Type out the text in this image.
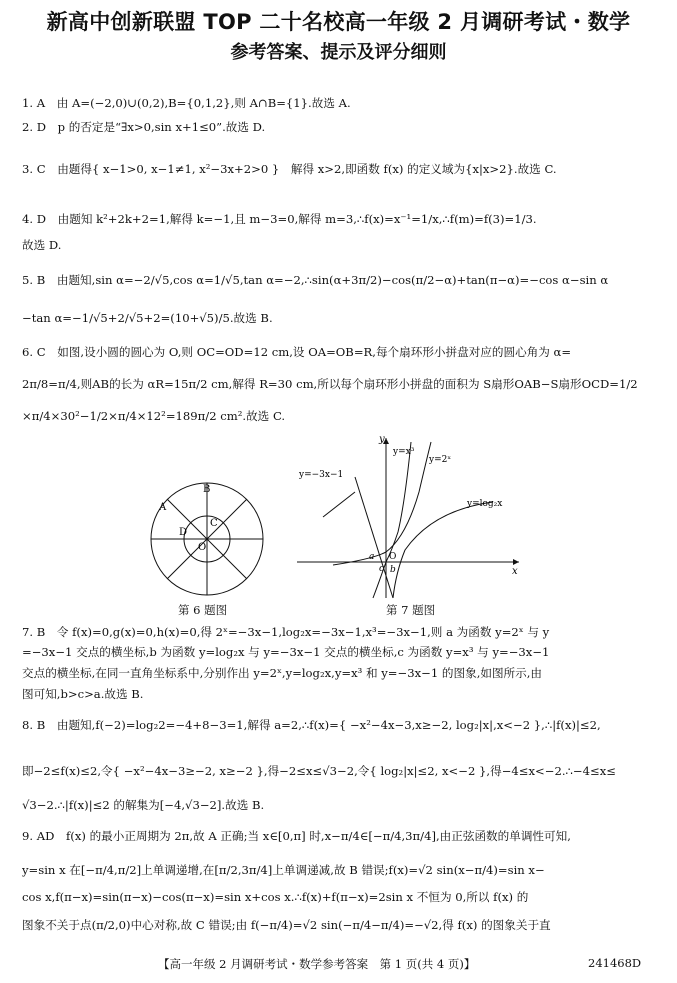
新高中创新联盟 TOP 二十名校高一年级 2 月调研考试・数学
参考答案、提示及评分细则
1. A　由 A=(−2,0)∪(0,2),B={0,1,2},则 A∩B={1}.故选 A.
2. D　p 的否定是“∃x>0,sin x+1≤0”.故选 D.
3. C　由题得{ x−1>0, x−1≠1, x²−3x+2>0 }　解得 x>2,即函数 f(x) 的定义域为{x|x>2}.故选 C.
4. D　由题知 k²+2k+2=1,解得 k=−1,且 m−3=0,解得 m=3,∴f(x)=x⁻¹=1/x,∴f(m)=f(3)=1/3.
故选 D.
5. B　由题知,sin α=−2/√5,cos α=1/√5,tan α=−2,∴sin(α+3π/2)−cos(π/2−α)+tan(π−α)=−cos α−sin α
−tan α=−1/√5+2/√5+2=(10+√5)/5.故选 B.
6. C　如图,设小圆的圆心为 O,则 OC=OD=12 cm,设 OA=OB=R,每个扇环形小拼盘对应的圆心角为 α=
2π/8=π/4,则AB的长为 αR=15π/2 cm,解得 R=30 cm,所以每个扇环形小拼盘的面积为 S扇形OAB−S扇形OCD=1/2
×π/4×30²−1/2×π/4×12²=189π/2 cm².故选 C.
B
A
C
D
O
第 6 题图
x
y
y=x³
y=2ˣ
y=−3x−1
y=log₂x
O
a
c b
第 7 题图
7. B　令 f(x)=0,g(x)=0,h(x)=0,得 2ˣ=−3x−1,log₂x=−3x−1,x³=−3x−1,则 a 为函数 y=2ˣ 与 y
=−3x−1 交点的横坐标,b 为函数 y=log₂x 与 y=−3x−1 交点的横坐标,c 为函数 y=x³ 与 y=−3x−1
交点的横坐标,在同一直角坐标系中,分别作出 y=2ˣ,y=log₂x,y=x³ 和 y=−3x−1 的图象,如图所示,由
图可知,b>c>a.故选 B.
8. B　由题知,f(−2)=log₂2=−4+8−3=1,解得 a=2,∴f(x)={ −x²−4x−3,x≥−2, log₂|x|,x<−2 },∴|f(x)|≤2,
即−2≤f(x)≤2,令{ −x²−4x−3≥−2, x≥−2 },得−2≤x≤√3−2,令{ log₂|x|≤2, x<−2 },得−4≤x<−2.∴−4≤x≤
√3−2.∴|f(x)|≤2 的解集为[−4,√3−2].故选 B.
9. AD　f(x) 的最小正周期为 2π,故 A 正确;当 x∈[0,π] 时,x−π/4∈[−π/4,3π/4],由正弦函数的单调性可知,
y=sin x 在[−π/4,π/2]上单调递增,在[π/2,3π/4]上单调递减,故 B 错误;f(x)=√2 sin(x−π/4)=sin x−
cos x,f(π−x)=sin(π−x)−cos(π−x)=sin x+cos x.∴f(x)+f(π−x)=2sin x 不恒为 0,所以 f(x) 的
图象不关于点(π/2,0)中心对称,故 C 错误;由 f(−π/4)=√2 sin(−π/4−π/4)=−√2,得 f(x) 的图象关于直
【高一年级 2 月调研考试・数学参考答案　第 1 页(共 4 页)】	241468D
